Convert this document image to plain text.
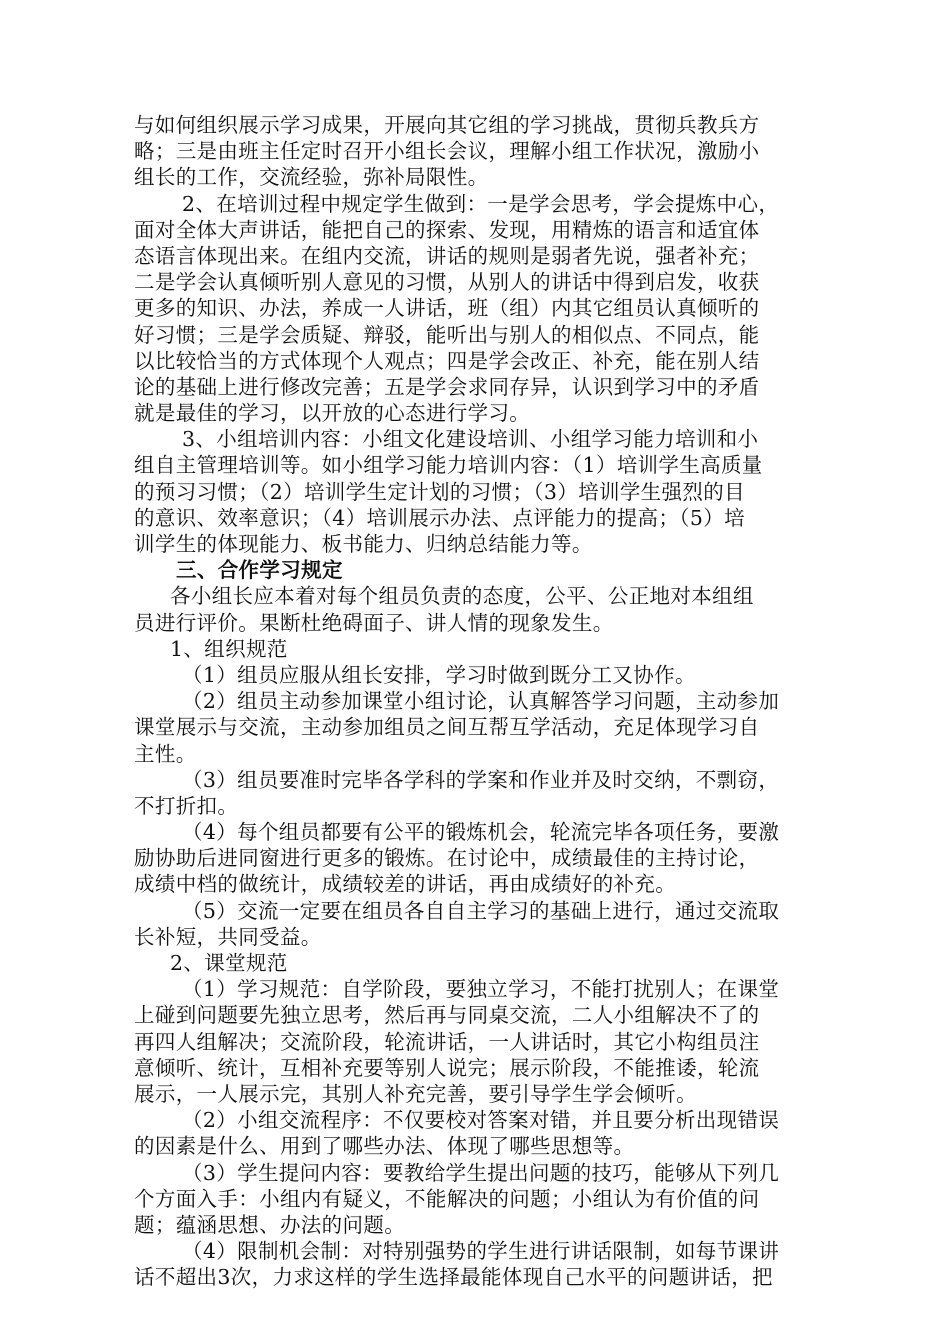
与如何组织展示学习成果，开展向其它组的学习挑战，贯彻兵教兵方
略；三是由班主任定时召开小组长会议，理解小组工作状况，激励小
组长的工作，交流经验，弥补局限性。
2、在培训过程中规定学生做到：一是学会思考，学会提炼中心，
面对全体大声讲话，能把自己的探索、发现，用精炼的语言和适宜体
态语言体现出来。在组内交流，讲话的规则是弱者先说，强者补充；
二是学会认真倾听别人意见的习惯，从别人的讲话中得到启发，收获
更多的知识、办法，养成一人讲话，班（组）内其它组员认真倾听的
好习惯；三是学会质疑、辩驳，能听出与别人的相似点、不同点，能
以比较恰当的方式体现个人观点；四是学会改正、补充，能在别人结
论的基础上进行修改完善；五是学会求同存异，认识到学习中的矛盾
就是最佳的学习，以开放的心态进行学习。
3、小组培训内容：小组文化建设培训、小组学习能力培训和小
组自主管理培训等。如小组学习能力培训内容：（1）培训学生高质量
的预习习惯；（2）培训学生定计划的习惯；（3）培训学生强烈的目
的意识、效率意识；（4）培训展示办法、点评能力的提高；（5）培
训学生的体现能力、板书能力、归纳总结能力等。
三、合作学习规定
各小组长应本着对每个组员负责的态度，公平、公正地对本组组
员进行评价。果断杜绝碍面子、讲人情的现象发生。
1、组织规范
（1）组员应服从组长安排，学习时做到既分工又协作。
（2）组员主动参加课堂小组讨论，认真解答学习问题，主动参加
课堂展示与交流，主动参加组员之间互帮互学活动，充足体现学习自
主性。
（3）组员要准时完毕各学科的学案和作业并及时交纳，不剽窃，
不打折扣。
（4）每个组员都要有公平的锻炼机会，轮流完毕各项任务，要激
励协助后进同窗进行更多的锻炼。在讨论中，成绩最佳的主持讨论，
成绩中档的做统计，成绩较差的讲话，再由成绩好的补充。
（5）交流一定要在组员各自自主学习的基础上进行，通过交流取
长补短，共同受益。
2、课堂规范
（1）学习规范：自学阶段，要独立学习，不能打扰别人；在课堂
上碰到问题要先独立思考，然后再与同桌交流，二人小组解决不了的
再四人组解决；交流阶段，轮流讲话，一人讲话时，其它小构组员注
意倾听、统计，互相补充要等别人说完；展示阶段，不能推诿，轮流
展示，一人展示完，其别人补充完善，要引导学生学会倾听。
（2）小组交流程序：不仅要校对答案对错，并且要分析出现错误
的因素是什么、用到了哪些办法、体现了哪些思想等。
（3）学生提问内容：要教给学生提出问题的技巧，能够从下列几
个方面入手：小组内有疑义，不能解决的问题；小组认为有价值的问
题；蕴涵思想、办法的问题。
（4）限制机会制：对特别强势的学生进行讲话限制，如每节课讲
话不超出3次，力求这样的学生选择最能体现自己水平的问题讲话，把
